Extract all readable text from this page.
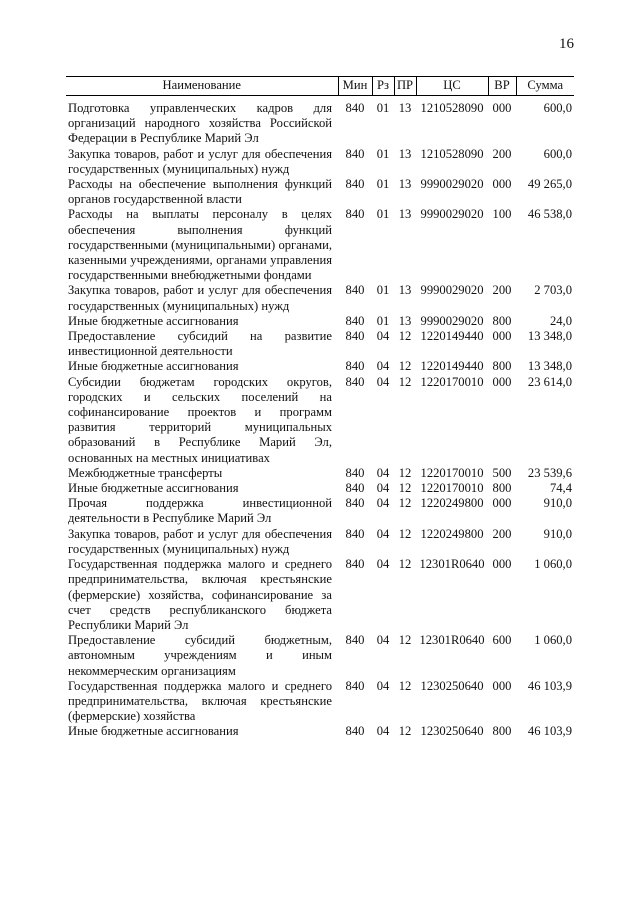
16
Наименование	Мин	Рз	ПР	ЦС	ВР	Сумма
Подготовка управленческих кадров для организаций народного хозяйства Российской Федерации в Республике Марий Эл	840	01	13	1210528090	000	600,0
Закупка товаров, работ и услуг для обеспечения государственных (муниципальных) нужд	840	01	13	1210528090	200	600,0
Расходы на обеспечение выполнения функций органов государственной власти	840	01	13	9990029020	000	49 265,0
Расходы на выплаты персоналу в целях обеспечения выполнения функций государственными (муниципальными) органами, казенными учреждениями, органами управления государственными внебюджетными фондами	840	01	13	9990029020	100	46 538,0
Закупка товаров, работ и услуг для обеспечения государственных (муниципальных) нужд	840	01	13	9990029020	200	2 703,0
Иные бюджетные ассигнования	840	01	13	9990029020	800	24,0
Предоставление субсидий на развитие инвестиционной деятельности	840	04	12	1220149440	000	13 348,0
Иные бюджетные ассигнования	840	04	12	1220149440	800	13 348,0
Субсидии бюджетам городских округов, городских и сельских поселений на софинансирование проектов и программ развития территорий муниципальных образований в Республике Марий Эл, основанных на местных инициативах	840	04	12	1220170010	000	23 614,0
Межбюджетные трансферты	840	04	12	1220170010	500	23 539,6
Иные бюджетные ассигнования	840	04	12	1220170010	800	74,4
Прочая поддержка инвестиционной деятельности в Республике Марий Эл	840	04	12	1220249800	000	910,0
Закупка товаров, работ и услуг для обеспечения государственных (муниципальных) нужд	840	04	12	1220249800	200	910,0
Государственная поддержка малого и среднего предпринимательства, включая крестьянские (фермерские) хозяйства, софинансирование за счет средств республиканского бюджета Республики Марий Эл	840	04	12	12301R0640	000	1 060,0
Предоставление субсидий бюджетным, автономным учреждениям и иным некоммерческим организациям	840	04	12	12301R0640	600	1 060,0
Государственная поддержка малого и среднего предпринимательства, включая крестьянские (фермерские) хозяйства	840	04	12	1230250640	000	46 103,9
Иные бюджетные ассигнования	840	04	12	1230250640	800	46 103,9
